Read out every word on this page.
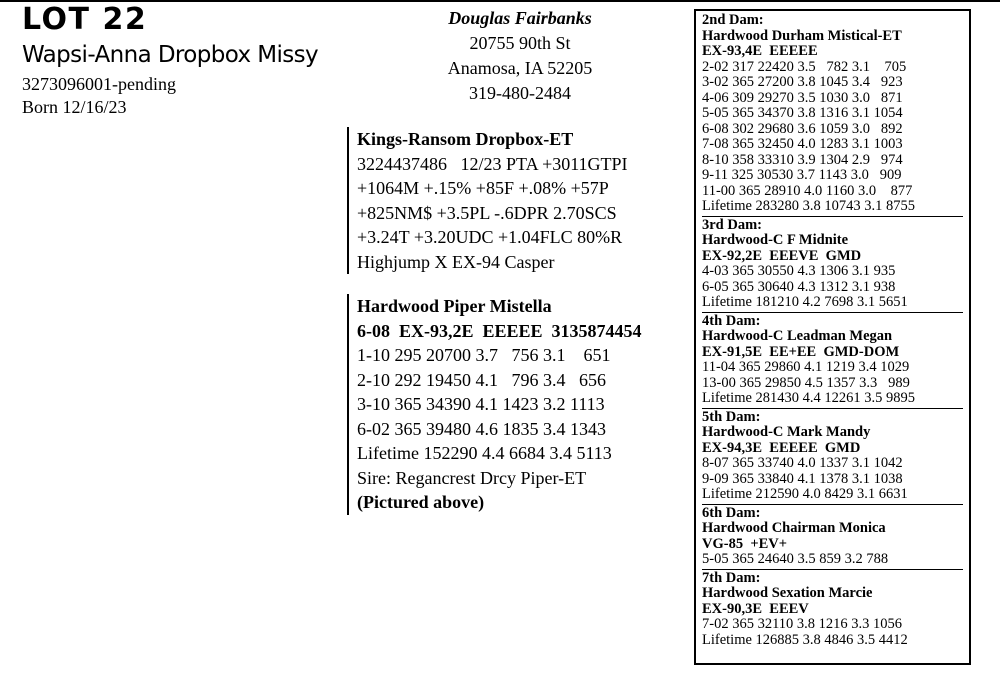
LOT 22
Wapsi-Anna Dropbox Missy
3273096001-pending
Born 12/16/23
Douglas Fairbanks
20755 90th St
Anamosa, IA 52205
319-480-2484
Kings-Ransom Dropbox-ET
3224437486   12/23 PTA +3011GTPI
+1064M +.15% +85F +.08% +57P
+825NM$ +3.5PL -.6DPR 2.70SCS
+3.24T +3.20UDC +1.04FLC 80%R
Highjump X EX-94 Casper
Hardwood Piper Mistella
6-08  EX-93,2E  EEEEE  3135874454
1-10 295 20700 3.7   756 3.1    651
2-10 292 19450 4.1   796 3.4   656
3-10 365 34390 4.1 1423 3.2 1113
6-02 365 39480 4.6 1835 3.4 1343
Lifetime 152290 4.4 6684 3.4 5113
Sire: Regancrest Drcy Piper-ET
(Pictured above)
2nd Dam:
Hardwood Durham Mistical-ET
EX-93,4E  EEEEE
2-02 317 22420 3.5   782 3.1    705
3-02 365 27200 3.8 1045 3.4   923
4-06 309 29270 3.5 1030 3.0   871
5-05 365 34370 3.8 1316 3.1 1054
6-08 302 29680 3.6 1059 3.0   892
7-08 365 32450 4.0 1283 3.1 1003
8-10 358 33310 3.9 1304 2.9   974
9-11 325 30530 3.7 1143 3.0   909
11-00 365 28910 4.0 1160 3.0    877
Lifetime 283280 3.8 10743 3.1 8755
3rd Dam:
Hardwood-C F Midnite
EX-92,2E  EEEVE  GMD
4-03 365 30550 4.3 1306 3.1 935
6-05 365 30640 4.3 1312 3.1 938
Lifetime 181210 4.2 7698 3.1 5651
4th Dam:
Hardwood-C Leadman Megan
EX-91,5E  EE+EE  GMD-DOM
11-04 365 29860 4.1 1219 3.4 1029
13-00 365 29850 4.5 1357 3.3   989
Lifetime 281430 4.4 12261 3.5 9895
5th Dam:
Hardwood-C Mark Mandy
EX-94,3E  EEEEE  GMD
8-07 365 33740 4.0 1337 3.1 1042
9-09 365 33840 4.1 1378 3.1 1038
Lifetime 212590 4.0 8429 3.1 6631
6th Dam:
Hardwood Chairman Monica
VG-85  +EV+
5-05 365 24640 3.5 859 3.2 788
7th Dam:
Hardwood Sexation Marcie
EX-90,3E  EEEV
7-02 365 32110 3.8 1216 3.3 1056
Lifetime 126885 3.8 4846 3.5 4412
